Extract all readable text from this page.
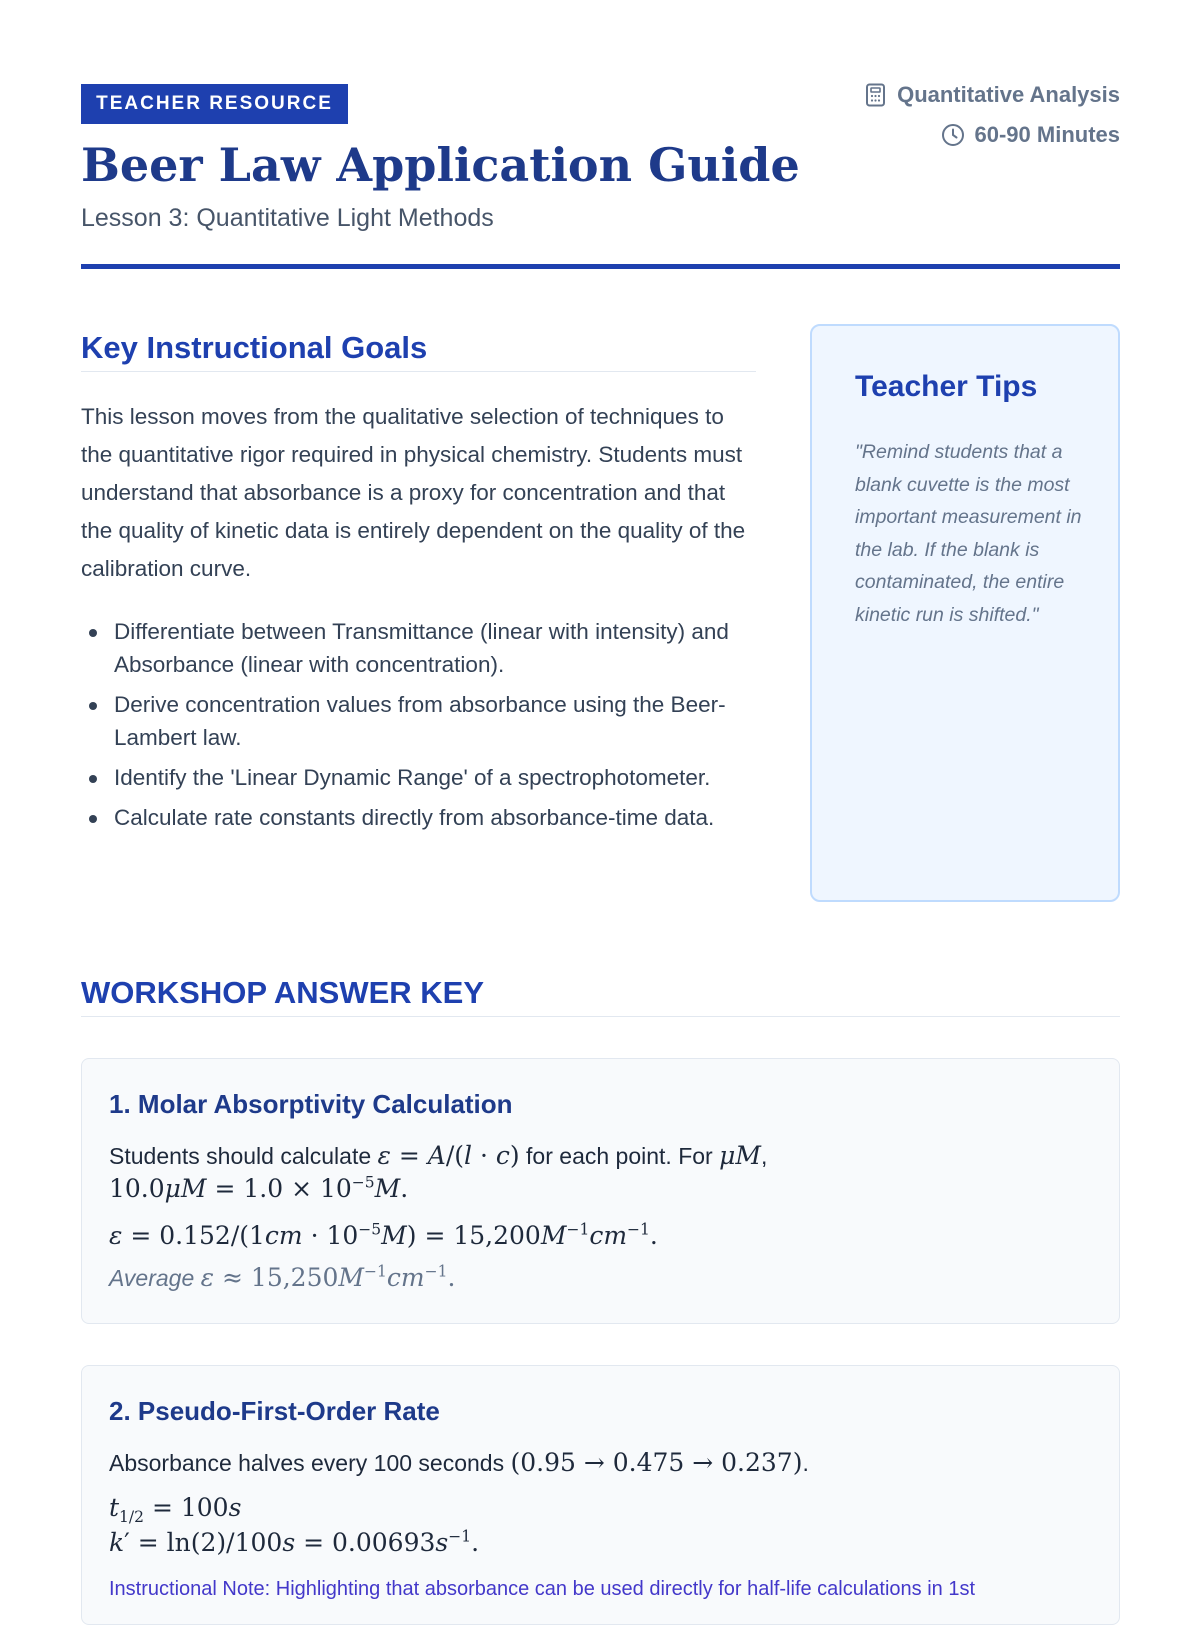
TEACHER RESOURCE
Beer Law Application Guide
Lesson 3: Quantitative Light Methods
Quantitative Analysis
60-90 Minutes
Key Instructional Goals

This lesson moves from the qualitative selection of techniques to the quantitative rigor required in physical chemistry. Students must understand that absorbance is a proxy for concentration and that the quality of kinetic data is entirely dependent on the quality of the calibration curve.

Differentiate between Transmittance (linear with intensity) and Absorbance (linear with concentration).
Derive concentration values from absorbance using the Beer-Lambert law.
Identify the 'Linear Dynamic Range' of a spectrophotometer.
Calculate rate constants directly from absorbance-time data.
Teacher Tips

"Remind students that a blank cuvette is the most important measurement in the lab. If the blank is contaminated, the entire kinetic run is shifted."

WORKSHOP ANSWER KEY
1. Molar Absorptivity Calculation
Students should calculate ε = A/(l · c) for each point. For μM,
$10.0\mu M = 1.0 \times 10^{-5}M$.
$\varepsilon = 0.152/(1cm \cdot 10^{-5}M) = 15,200M^{-1}cm^{-1}$.
Average $\varepsilon \approx 15,250M^{-1}cm^{-1}$.
2. Pseudo-First-Order Rate
Absorbance halves every 100 seconds (0.95 → 0.475 → 0.237).
$t_{1/2} = 100s$
$k' = \ln(2)/100s = 0.00693s^{-1}$.
Instructional Note: Highlighting that absorbance can be used directly for half-life calculations in 1st
